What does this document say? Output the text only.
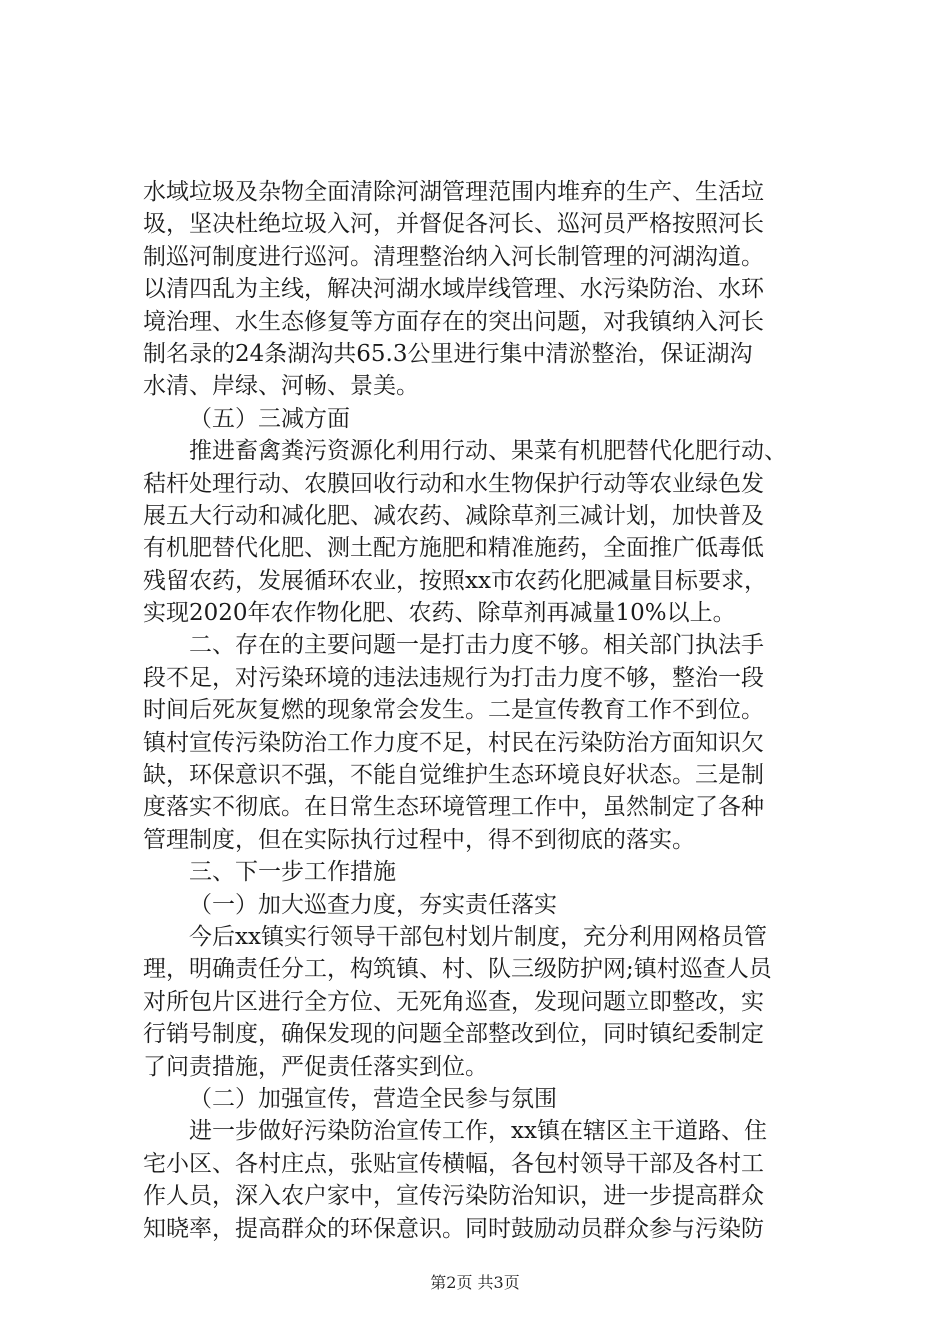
水域垃圾及杂物全面清除河湖管理范围内堆弃的生产、生活垃
圾，坚决杜绝垃圾入河，并督促各河长、巡河员严格按照河长
制巡河制度进行巡河。清理整治纳入河长制管理的河湖沟道。
以清四乱为主线，解决河湖水域岸线管理、水污染防治、水环
境治理、水生态修复等方面存在的突出问题，对我镇纳入河长
制名录的24条湖沟共65.3公里进行集中清淤整治，保证湖沟
水清、岸绿、河畅、景美。
（五）三减方面
推进畜禽粪污资源化利用行动、果菜有机肥替代化肥行动、
秸杆处理行动、农膜回收行动和水生物保护行动等农业绿色发
展五大行动和减化肥、减农药、减除草剂三减计划，加快普及
有机肥替代化肥、测土配方施肥和精准施药，全面推广低毒低
残留农药，发展循环农业，按照xx市农药化肥减量目标要求，
实现2020年农作物化肥、农药、除草剂再减量10%以上。
二、存在的主要问题一是打击力度不够。相关部门执法手
段不足，对污染环境的违法违规行为打击力度不够，整治一段
时间后死灰复燃的现象常会发生。二是宣传教育工作不到位。
镇村宣传污染防治工作力度不足，村民在污染防治方面知识欠
缺，环保意识不强，不能自觉维护生态环境良好状态。三是制
度落实不彻底。在日常生态环境管理工作中，虽然制定了各种
管理制度，但在实际执行过程中，得不到彻底的落实。
三、下一步工作措施
（一）加大巡查力度，夯实责任落实
今后xx镇实行领导干部包村划片制度，充分利用网格员管
理，明确责任分工，构筑镇、村、队三级防护网;镇村巡查人员
对所包片区进行全方位、无死角巡查，发现问题立即整改，实
行销号制度，确保发现的问题全部整改到位，同时镇纪委制定
了问责措施，严促责任落实到位。
（二）加强宣传，营造全民参与氛围
进一步做好污染防治宣传工作，xx镇在辖区主干道路、住
宅小区、各村庄点，张贴宣传横幅，各包村领导干部及各村工
作人员，深入农户家中，宣传污染防治知识，进一步提高群众
知晓率，提高群众的环保意识。同时鼓励动员群众参与污染防
第2页 共3页
